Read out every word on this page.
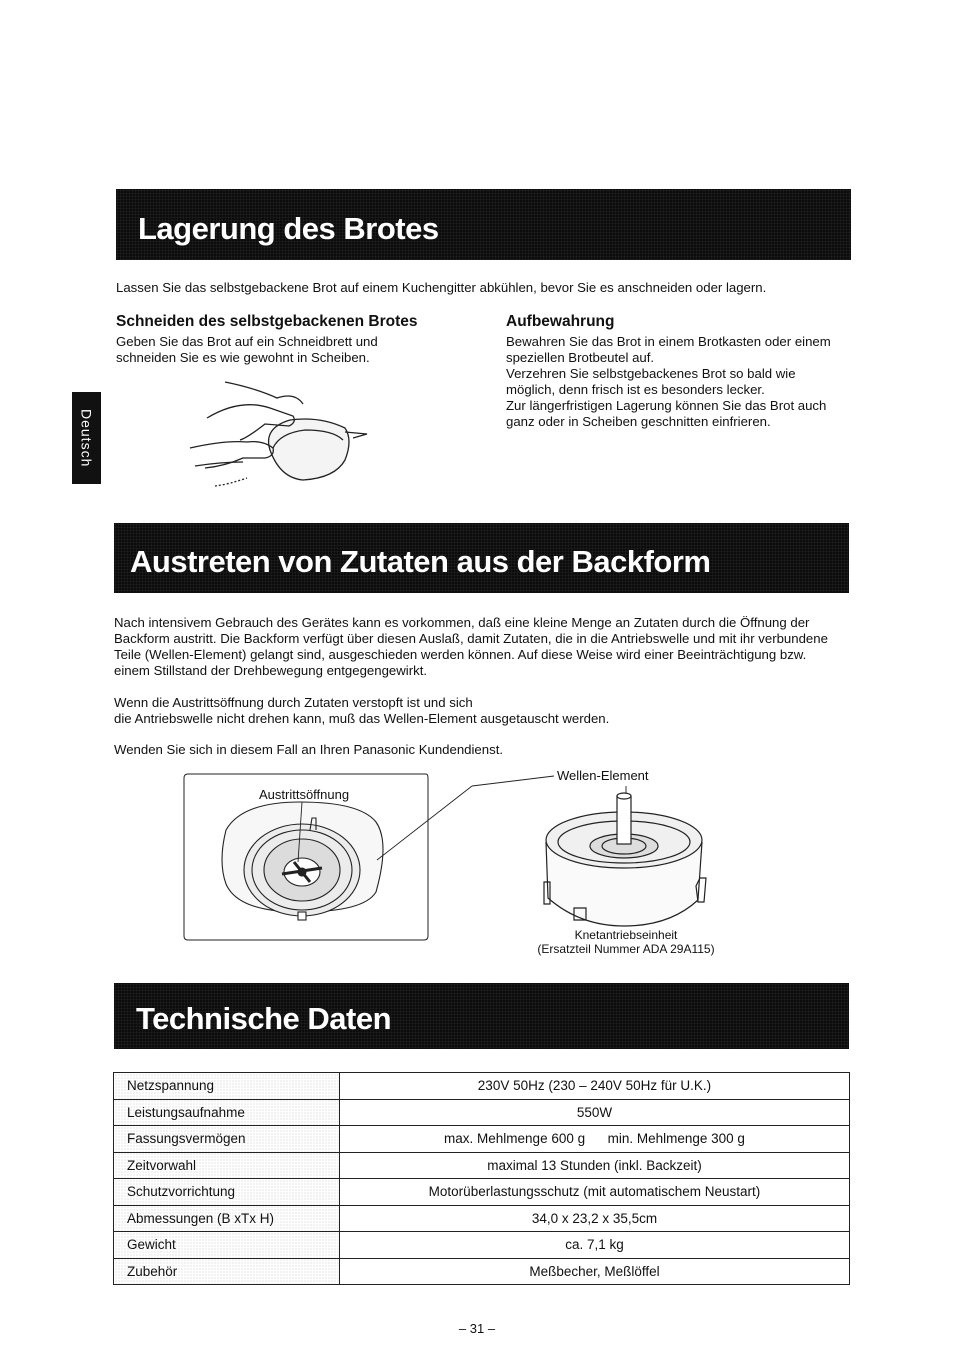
Deutsch
Lagerung des Brotes
Lassen Sie das selbstgebackene Brot auf einem Kuchengitter abkühlen, bevor Sie es anschneiden oder lagern.
Schneiden des selbstgebackenen Brotes

Geben Sie das Brot auf ein Schneidbrett und

schneiden Sie es wie gewohnt in Scheiben.

Aufbewahrung

Bewahren Sie das Brot in einem Brotkasten oder einem

speziellen Brotbeutel auf.

Verzehren Sie selbstgebackenes Brot so bald wie

möglich, denn frisch ist es besonders lecker.

Zur längerfristigen Lagerung können Sie das Brot auch

ganz oder in Scheiben geschnitten einfrieren.

Austreten von Zutaten aus der Backform

Nach intensivem Gebrauch des Gerätes kann es vorkommen, daß eine kleine Menge an Zutaten durch die Öffnung der

Backform austritt. Die Backform verfügt über diesen Auslaß, damit Zutaten, die in die Antriebswelle und mit ihr verbundene

Teile (Wellen-Element) gelangt sind, ausgeschieden werden können. Auf diese Weise wird einer Beeinträchtigung bzw.

einem Stillstand der Drehbewegung entgegengewirkt.

Wenn die Austrittsöffnung durch Zutaten verstopft ist und sich

die Antriebswelle nicht drehen kann, muß das Wellen-Element ausgetauscht werden.

Wenden Sie sich in diesem Fall an Ihren Panasonic Kundendienst.
Austrittsöffnung
Wellen-Element
Knetantriebseinheit
(Ersatzteil Nummer ADA 29A115)
Technische Daten
Netzspannung	230V 50Hz (230 – 240V 50Hz für U.K.)
Leistungsaufnahme	550W
Fassungsvermögen	max. Mehlmenge 600 g      min. Mehlmenge 300 g
Zeitvorwahl	maximal 13 Stunden (inkl. Backzeit)
Schutzvorrichtung	Motorüberlastungsschutz (mit automatischem Neustart)
Abmessungen (B xTx H)	34,0 x 23,2 x 35,5cm
Gewicht	ca. 7,1 kg
Zubehör	Meßbecher, Meßlöffel
– 31 –
